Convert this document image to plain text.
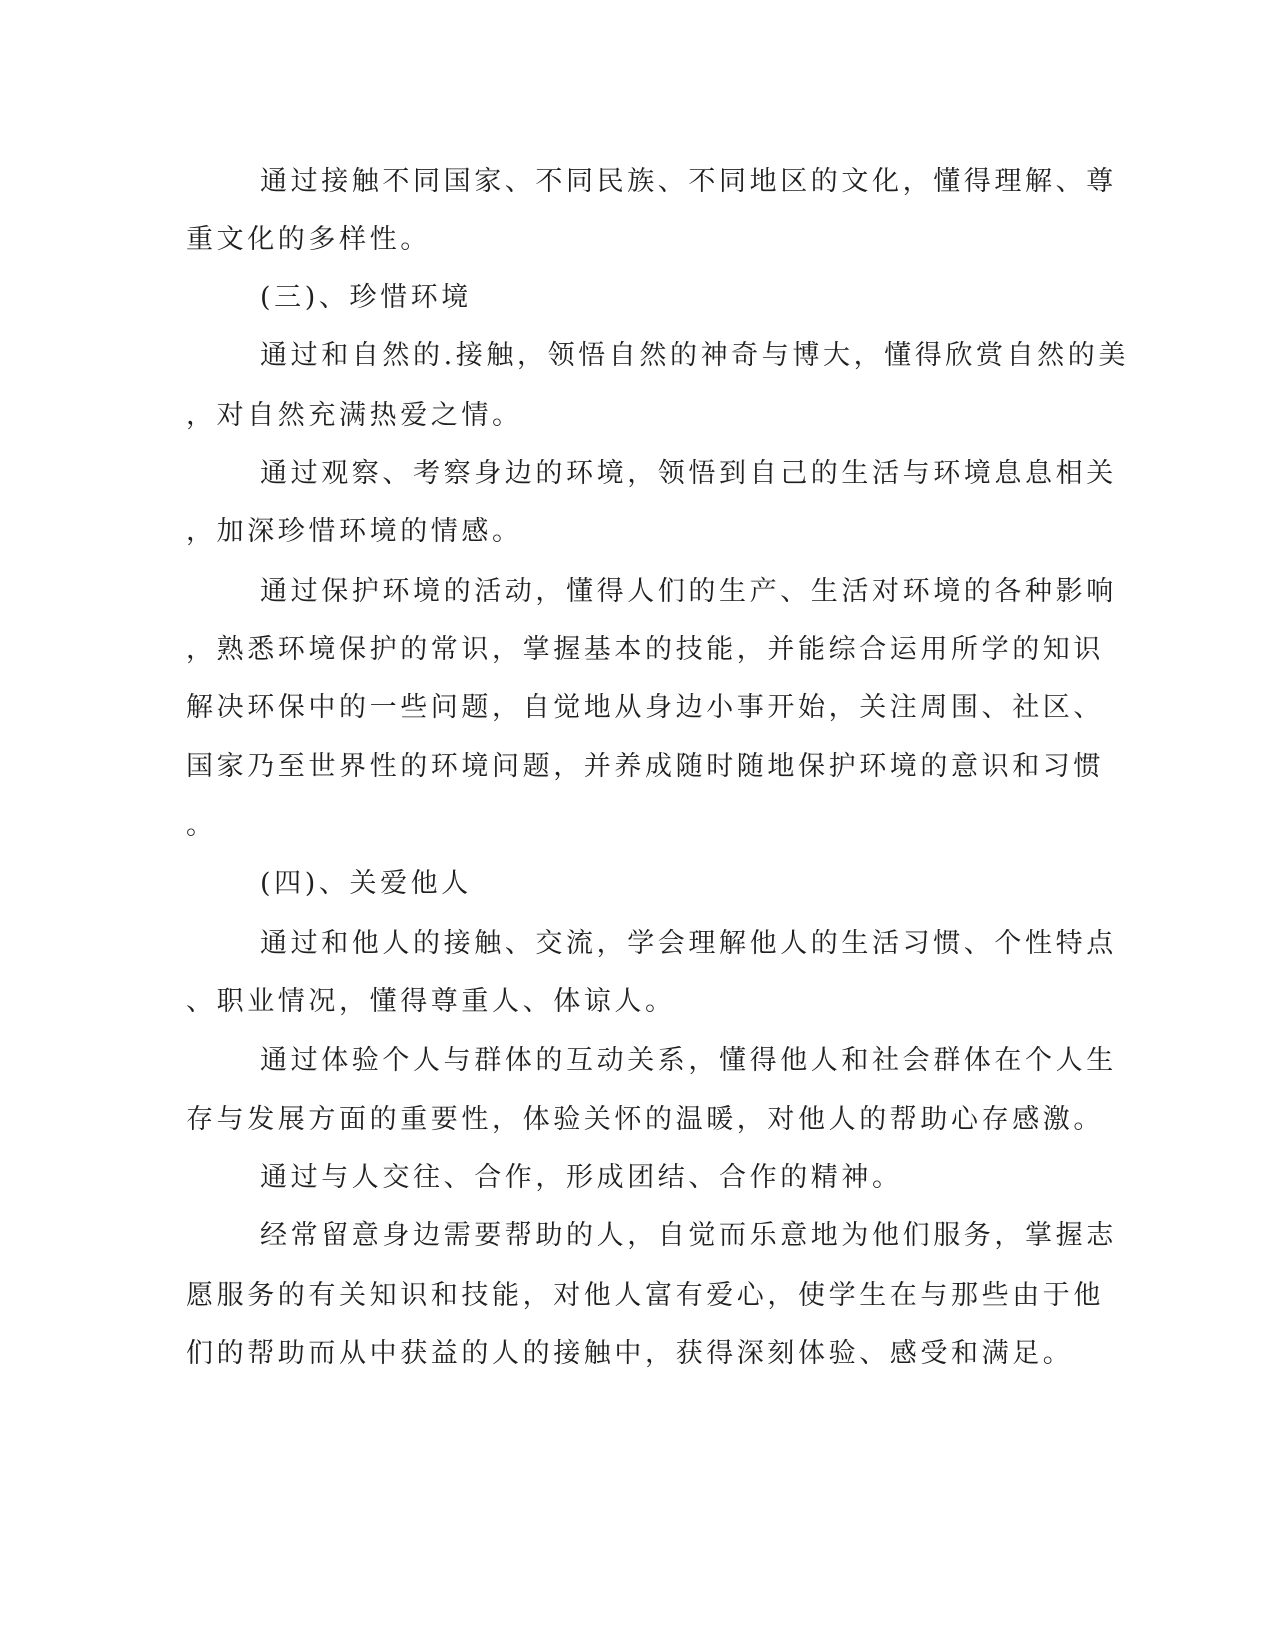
通过接触不同国家、不同民族、不同地区的文化，懂得理解、尊

重文化的多样性。

(三)、珍惜环境

通过和自然的.接触，领悟自然的神奇与博大，懂得欣赏自然的美

，对自然充满热爱之情。

通过观察、考察身边的环境，领悟到自己的生活与环境息息相关

，加深珍惜环境的情感。

通过保护环境的活动，懂得人们的生产、生活对环境的各种影响

，熟悉环境保护的常识，掌握基本的技能，并能综合运用所学的知识

解决环保中的一些问题，自觉地从身边小事开始，关注周围、社区、

国家乃至世界性的环境问题，并养成随时随地保护环境的意识和习惯

。

(四)、关爱他人

通过和他人的接触、交流，学会理解他人的生活习惯、个性特点

、职业情况，懂得尊重人、体谅人。

通过体验个人与群体的互动关系，懂得他人和社会群体在个人生

存与发展方面的重要性，体验关怀的温暖，对他人的帮助心存感激。

通过与人交往、合作，形成团结、合作的精神。

经常留意身边需要帮助的人，自觉而乐意地为他们服务，掌握志

愿服务的有关知识和技能，对他人富有爱心，使学生在与那些由于他

们的帮助而从中获益的人的接触中，获得深刻体验、感受和满足。
